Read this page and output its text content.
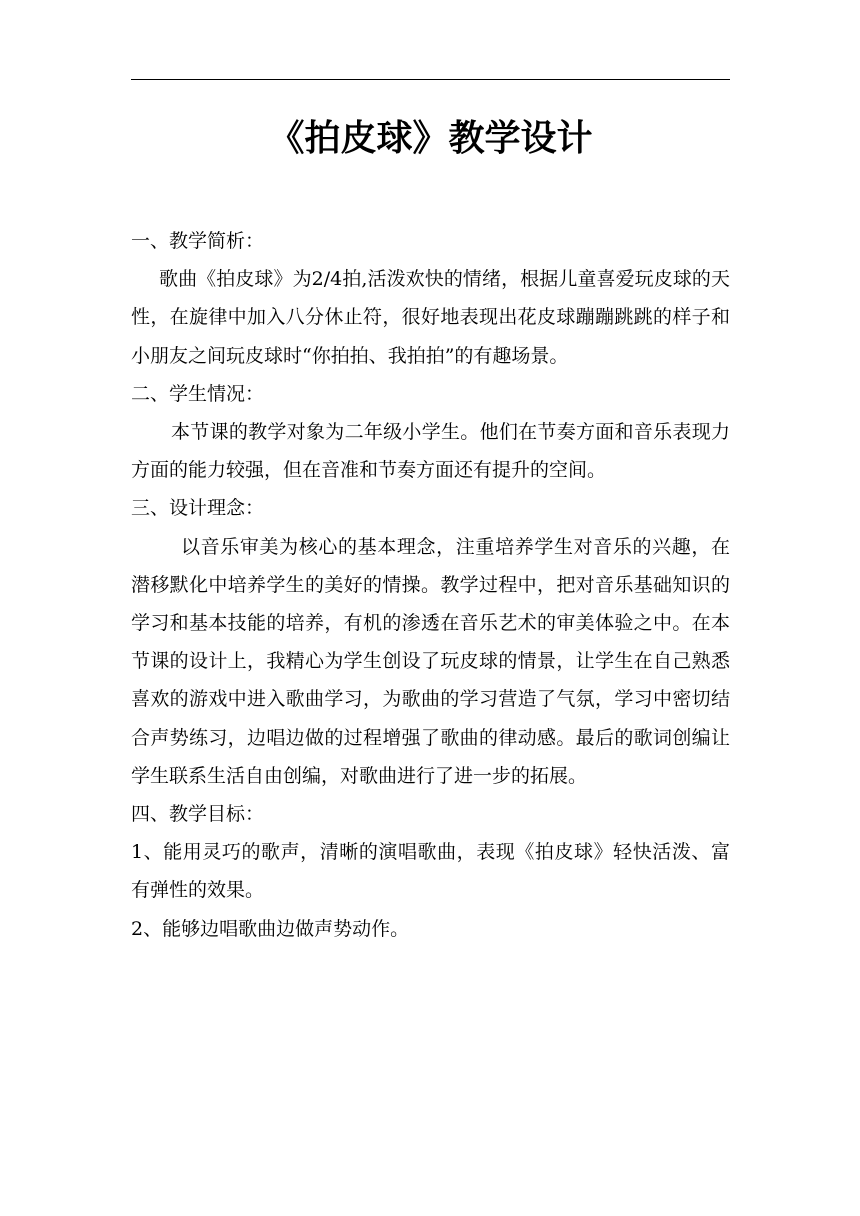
《拍皮球》教学设计
一、教学简析：

歌曲《拍皮球》为2/4拍,活泼欢快的情绪，根据儿童喜爱玩皮球的天性，在旋律中加入八分休止符，很好地表现出花皮球蹦蹦跳跳的样子和小朋友之间玩皮球时“你拍拍、我拍拍”的有趣场景。

二、学生情况：

本节课的教学对象为二年级小学生。他们在节奏方面和音乐表现力方面的能力较强，但在音准和节奏方面还有提升的空间。

三、设计理念：

以音乐审美为核心的基本理念，注重培养学生对音乐的兴趣，在潜移默化中培养学生的美好的情操。教学过程中，把对音乐基础知识的学习和基本技能的培养，有机的渗透在音乐艺术的审美体验之中。在本节课的设计上，我精心为学生创设了玩皮球的情景，让学生在自己熟悉喜欢的游戏中进入歌曲学习，为歌曲的学习营造了气氛，学习中密切结合声势练习，边唱边做的过程增强了歌曲的律动感。最后的歌词创编让学生联系生活自由创编，对歌曲进行了进一步的拓展。

四、教学目标：

1、能用灵巧的歌声，清晰的演唱歌曲，表现《拍皮球》轻快活泼、富有弹性的效果。

2、能够边唱歌曲边做声势动作。
